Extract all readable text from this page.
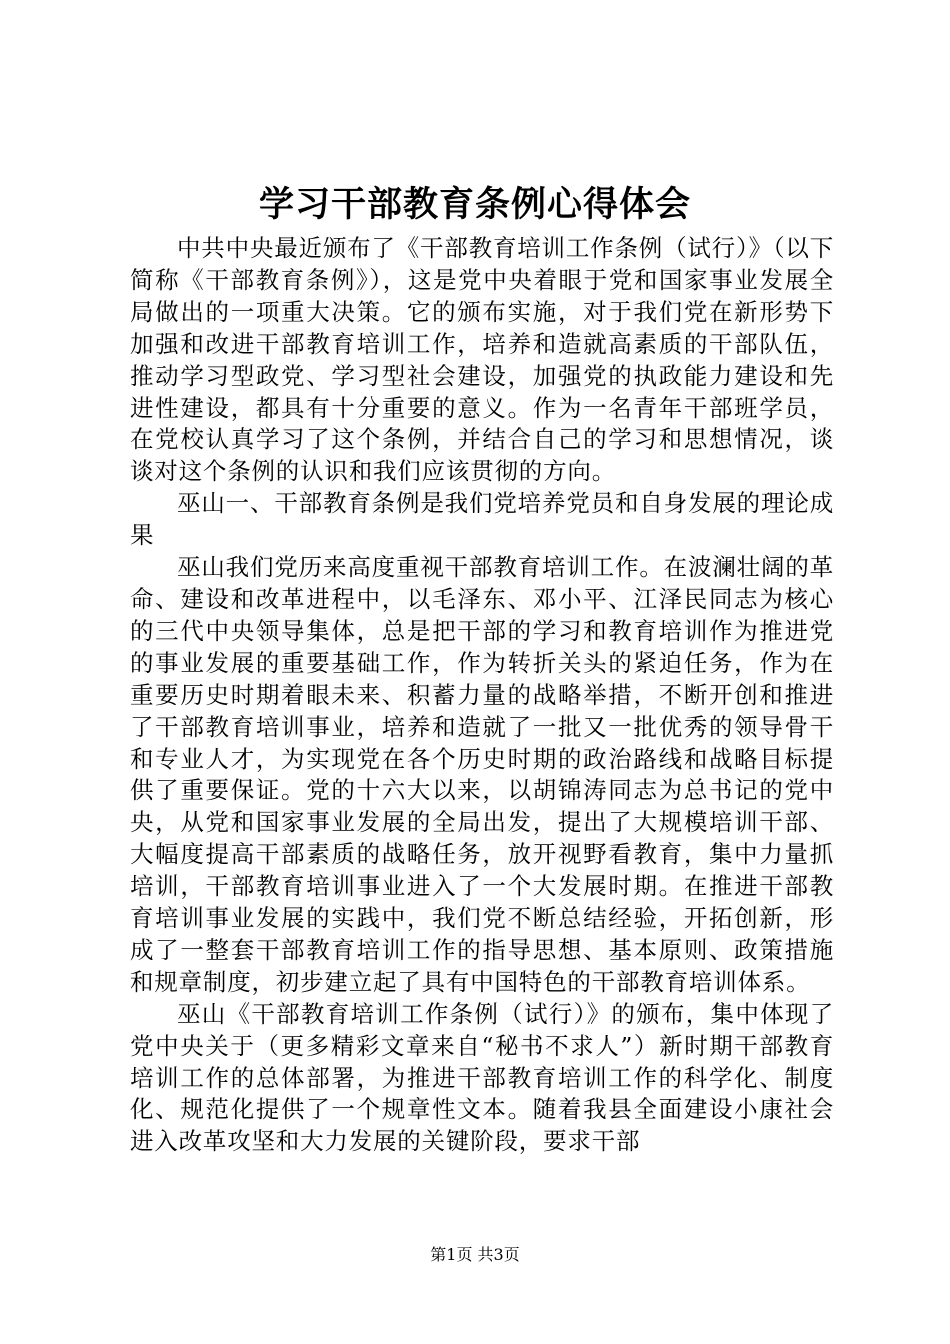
学习干部教育条例心得体会

中共中央最近颁布了《干部教育培训工作条例（试行）》（以下简称《干部教育条例》），这是党中央着眼于党和国家事业发展全局做出的一项重大决策。它的颁布实施，对于我们党在新形势下加强和改进干部教育培训工作，培养和造就高素质的干部队伍，推动学习型政党、学习型社会建设，加强党的执政能力建设和先进性建设，都具有十分重要的意义。作为一名青年干部班学员，在党校认真学习了这个条例，并结合自己的学习和思想情况，谈谈对这个条例的认识和我们应该贯彻的方向。

巫山一、干部教育条例是我们党培养党员和自身发展的理论成果

巫山我们党历来高度重视干部教育培训工作。在波澜壮阔的革命、建设和改革进程中，以毛泽东、邓小平、江泽民同志为核心的三代中央领导集体，总是把干部的学习和教育培训作为推进党的事业发展的重要基础工作，作为转折关头的紧迫任务，作为在重要历史时期着眼未来、积蓄力量的战略举措，不断开创和推进了干部教育培训事业，培养和造就了一批又一批优秀的领导骨干和专业人才，为实现党在各个历史时期的政治路线和战略目标提供了重要保证。党的十六大以来，以胡锦涛同志为总书记的党中央，从党和国家事业发展的全局出发，提出了大规模培训干部、大幅度提高干部素质的战略任务，放开视野看教育，集中力量抓培训，干部教育培训事业进入了一个大发展时期。在推进干部教育培训事业发展的实践中，我们党不断总结经验，开拓创新，形成了一整套干部教育培训工作的指导思想、基本原则、政策措施和规章制度，初步建立起了具有中国特色的干部教育培训体系。

巫山《干部教育培训工作条例（试行）》的颁布，集中体现了党中央关于（更多精彩文章来自“秘书不求人”）新时期干部教育培训工作的总体部署，为推进干部教育培训工作的科学化、制度化、规范化提供了一个规章性文本。随着我县全面建设小康社会进入改革攻坚和大力发展的关键阶段，要求干部

第1页 共3页
